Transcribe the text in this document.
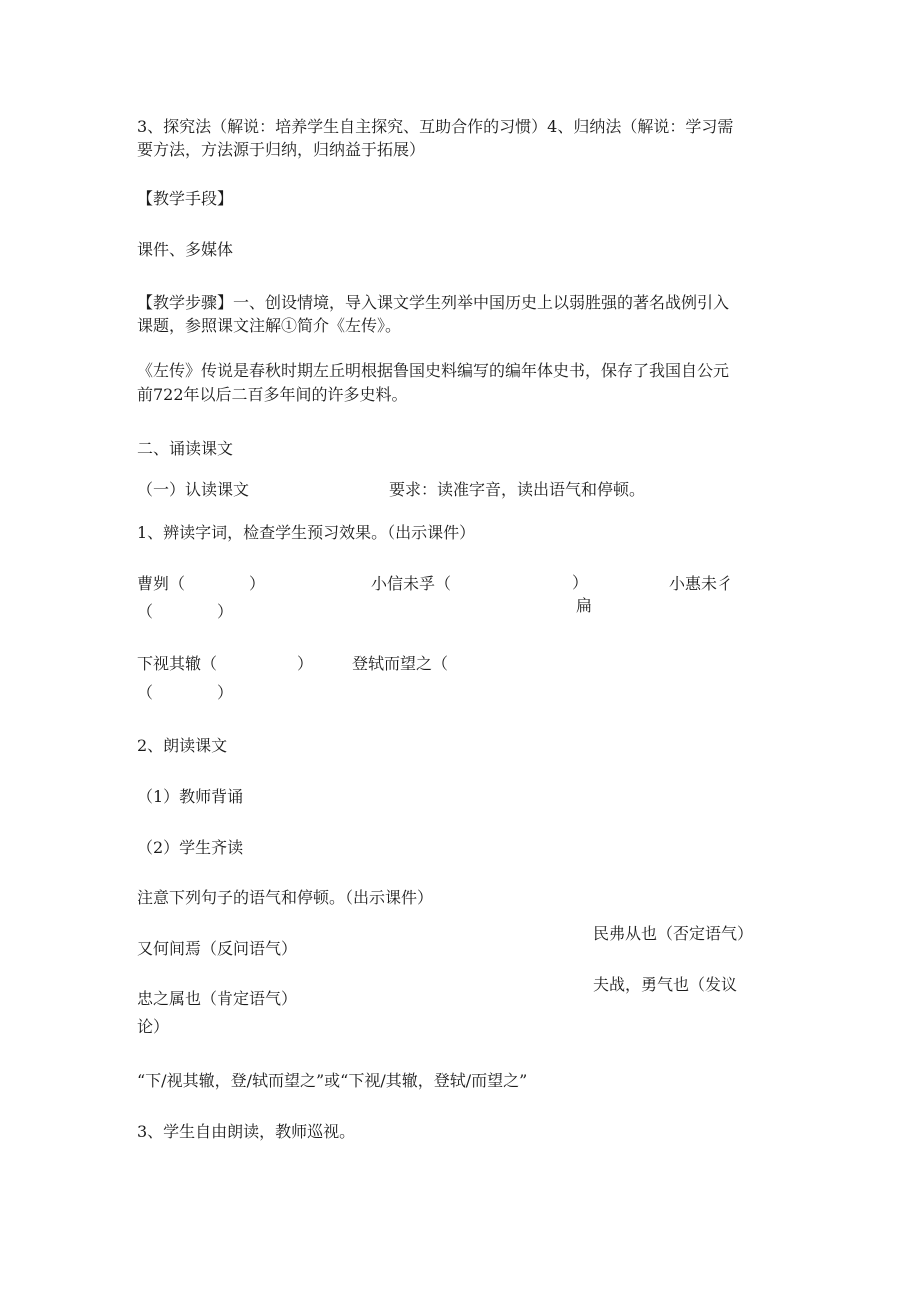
3、探究法（解说：培养学生自主探究、互助合作的习惯）4、归纳法（解说：学习需
要方法，方法源于归纳，归纳益于拓展）
【教学手段】
课件、多媒体
【教学步骤】一、创设情境，导入课文学生列举中国历史上以弱胜强的著名战例引入
课题，参照课文注解①简介《左传》。
《左传》传说是春秋时期左丘明根据鲁国史料编写的编年体史书，保存了我国自公元
前722年以后二百多年间的许多史料。
二、诵读课文
（一）认读课文	要求：读准字音，读出语气和停顿。
1、辨读字词，检查学生预习效果。（出示课件）
曹刿（　　　　）	小信未孚（	）
扁
小惠未彳
（　　　　）
下视其辙（　　　　　） 登轼而望之（
（　　　　）
2、朗读课文
（1）教师背诵
（2）学生齐读
注意下列句子的语气和停顿。（出示课件）
民弗从也（否定语气）
又何间焉（反问语气）
夫战，勇气也（发议
忠之属也（肯定语气）
论）
“下/视其辙，登/轼而望之”或“下视/其辙，登轼/而望之”
3、学生自由朗读，教师巡视。
